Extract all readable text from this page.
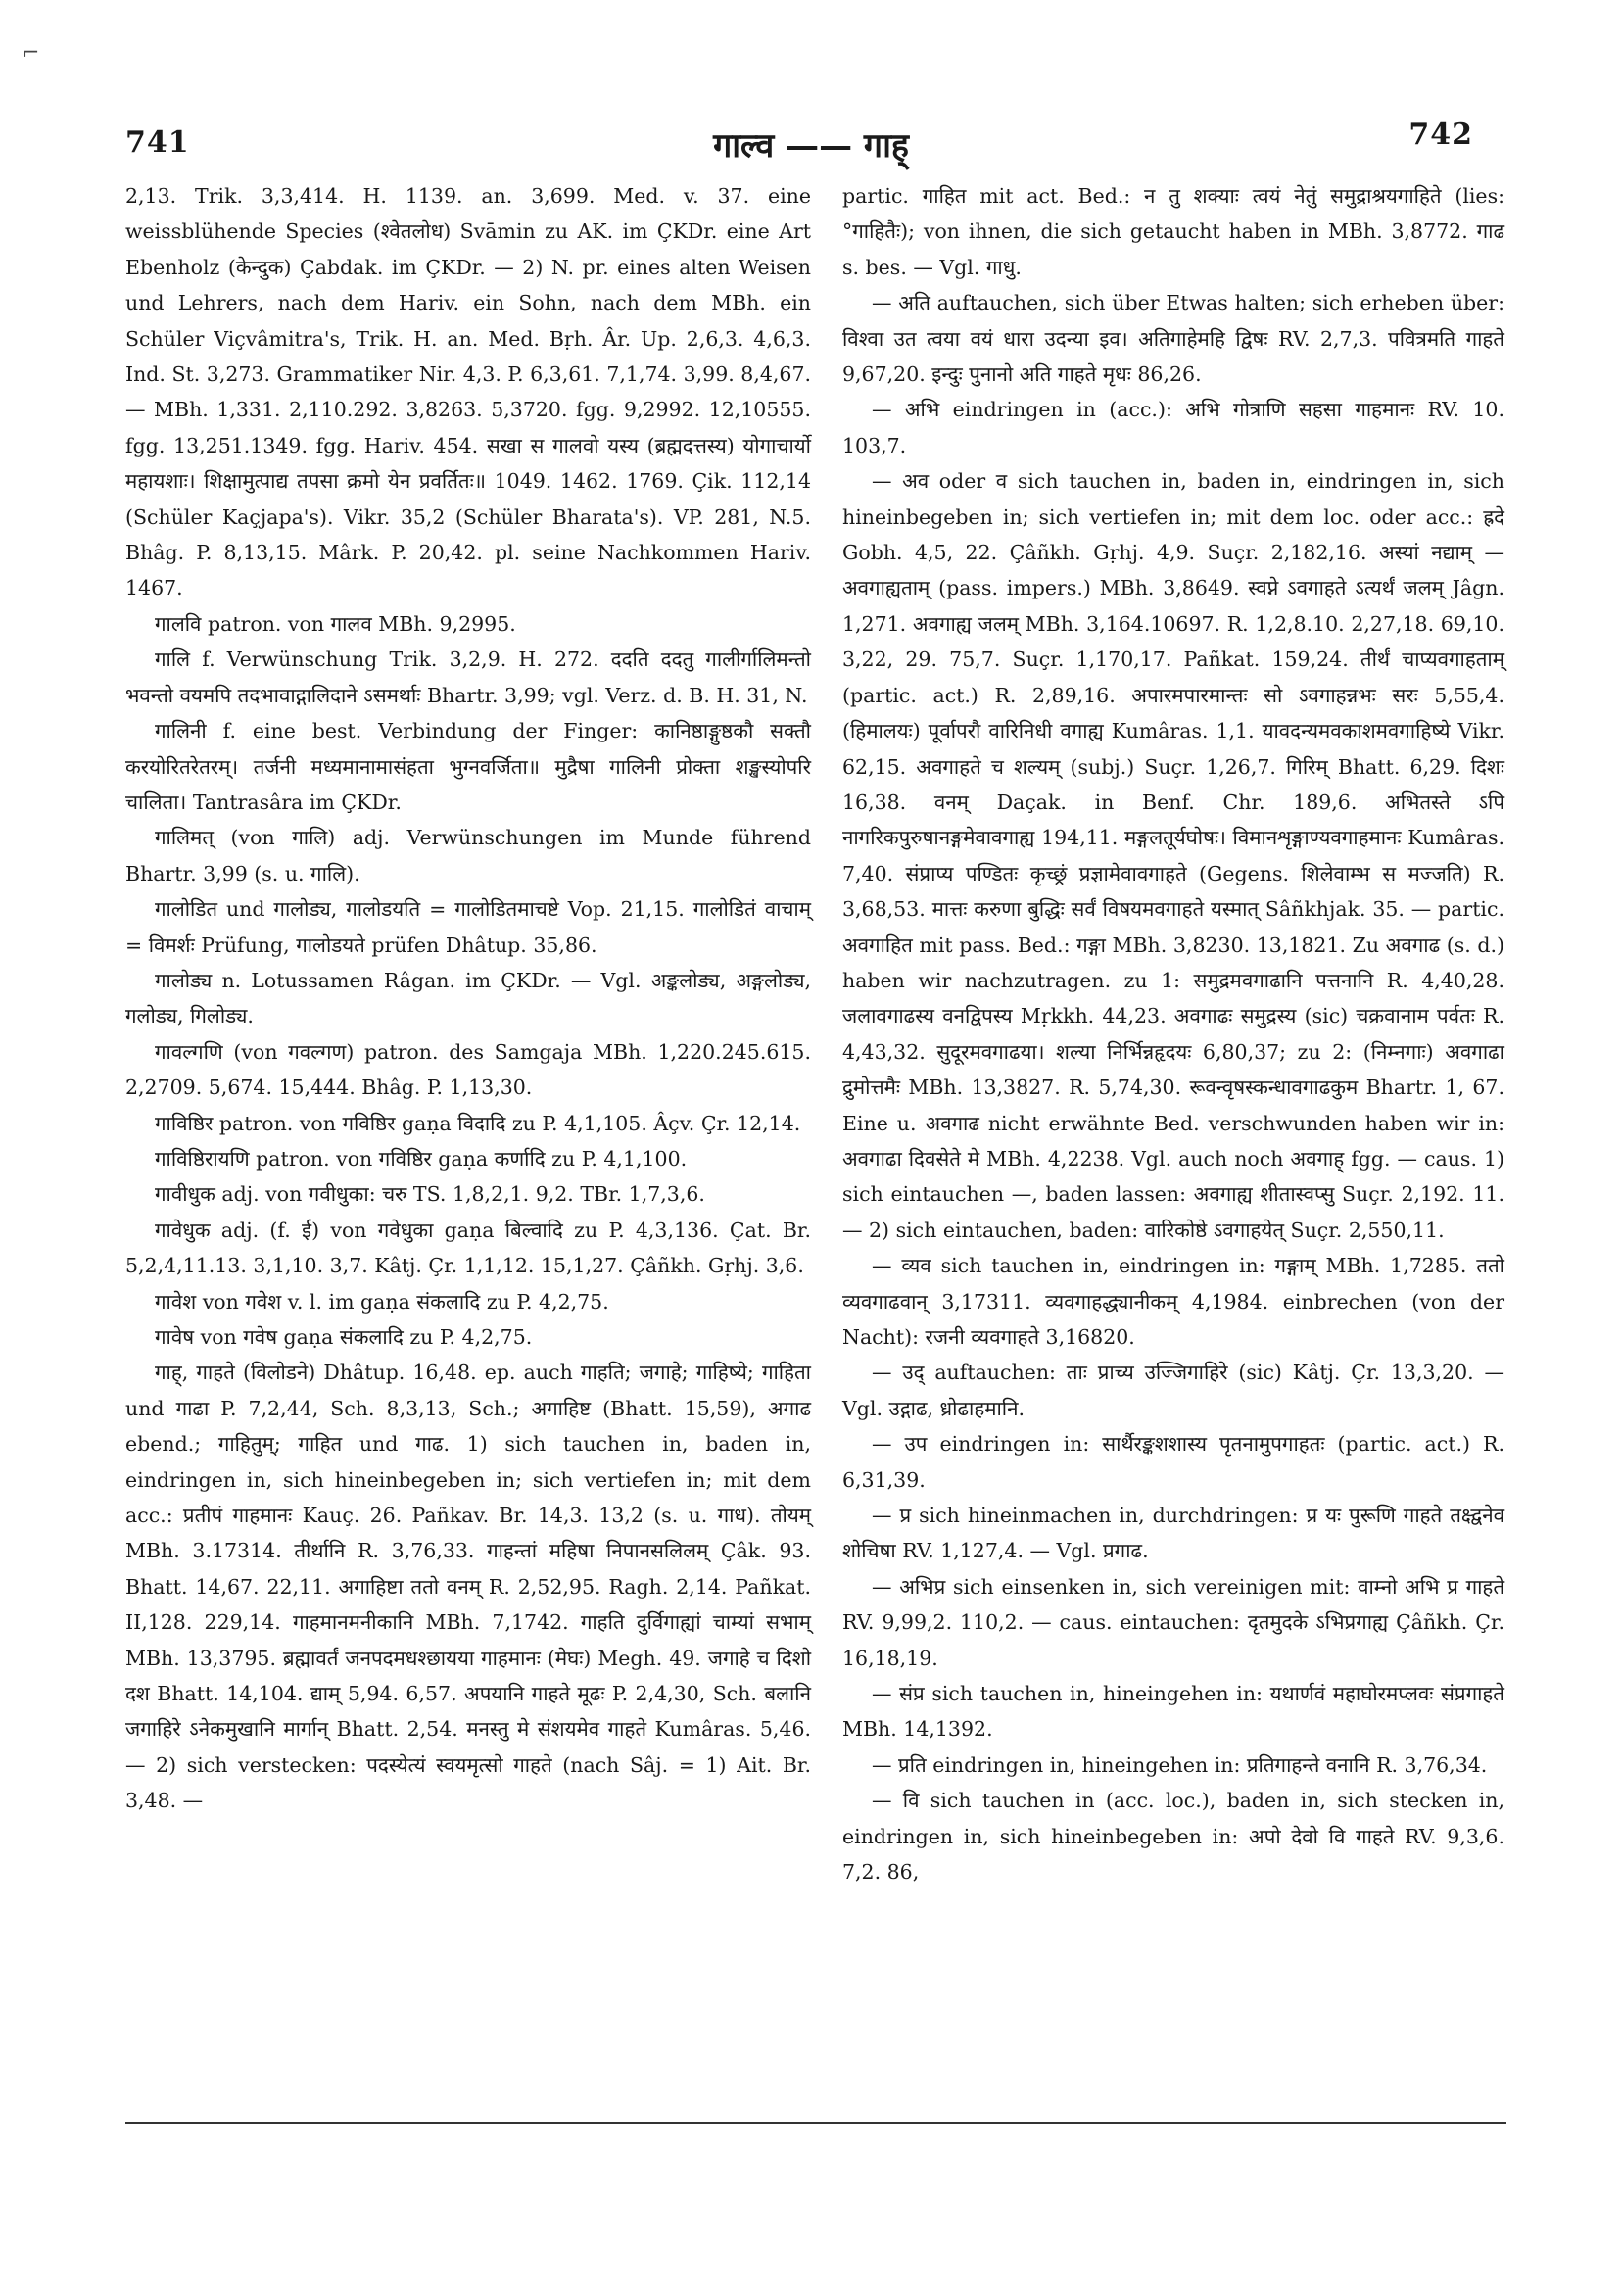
⌐
741	गाल्व —— गाह्	742

2,13. Trik. 3,3,414. H. 1139. an. 3,699. Med. v. 37. eine weissblühende Species (श्वेतलोध) Svāmin zu AK. im ÇKDr. eine Art Ebenholz (केन्दुक) Çabdak. im ÇKDr. — 2) N. pr. eines alten Weisen und Lehrers, nach dem Hariv. ein Sohn, nach dem MBh. ein Schüler Viçvâmitra's, Trik. H. an. Med. Bṛh. Âr. Up. 2,6,3. 4,6,3. Ind. St. 3,273. Grammatiker Nir. 4,3. P. 6,3,61. 7,1,74. 3,99. 8,4,67. — MBh. 1,331. 2,110.292. 3,8263. 5,3720. fgg. 9,2992. 12,10555. fgg. 13,251.1349. fgg. Hariv. 454. सखा स गालवो यस्य (ब्रह्मदत्तस्य) योगाचार्यो महायशाः। शिक्षामुत्पाद्य तपसा क्रमो येन प्रवर्तितः॥ 1049. 1462. 1769. Çik. 112,14 (Schüler Kaçjapa's). Vikr. 35,2 (Schüler Bharata's). VP. 281, N.5. Bhâg. P. 8,13,15. Mârk. P. 20,42. pl. seine Nachkommen Hariv. 1467.

गालवि patron. von गालव MBh. 9,2995.

गालि f. Verwünschung Trik. 3,2,9. H. 272. ददति ददतु गालीर्गालिमन्तो भवन्तो वयमपि तदभावाद्गालिदाने ऽसमर्थाः Bhartr. 3,99; vgl. Verz. d. B. H. 31, N.

गालिनी f. eine best. Verbindung der Finger: कानिष्ठाङ्गुष्ठकौ सक्तौ करयोरितरेतरम्। तर्जनी मध्यमानामासंहता भुग्नवर्जिता॥ मुद्रैषा गालिनी प्रोक्ता शङ्खस्योपरि चालिता। Tantrasâra im ÇKDr.

गालिमत् (von गालि) adj. Verwünschungen im Munde führend Bhartr. 3,99 (s. u. गालि).

गालोडित und गालोड्य, गालोडयति = गालोडितमाचष्टे Vop. 21,15. गालोडितं वाचाम् = विमर्शः Prüfung, गालोडयते prüfen Dhâtup. 35,86.

गालोड्य n. Lotussamen Râgan. im ÇKDr. — Vgl. अङ्कलोड्य, अङ्गलोड्य, गलोड्य, गिलोड्य.

गावल्गणि (von गवल्गण) patron. des Samgaja MBh. 1,220.245.615. 2,2709. 5,674. 15,444. Bhâg. P. 1,13,30.

गाविष्ठिर patron. von गविष्ठिर gaṇa विदादि zu P. 4,1,105. Âçv. Çr. 12,14.

गाविष्ठिरायणि patron. von गविष्ठिर gaṇa कर्णादि zu P. 4,1,100.

गावीधुक adj. von गवीधुका: चरु TS. 1,8,2,1. 9,2. TBr. 1,7,3,6.

गावेधुक adj. (f. ई) von गवेधुका gaṇa बिल्वादि zu P. 4,3,136. Çat. Br. 5,2,4,11.13. 3,1,10. 3,7. Kâtj. Çr. 1,1,12. 15,1,27. Çâñkh. Gṛhj. 3,6.

गावेश von गवेश v. l. im gaṇa संकलादि zu P. 4,2,75.

गावेष von गवेष gaṇa संकलादि zu P. 4,2,75.

गाह्, गाहते (विलोडने) Dhâtup. 16,48. ep. auch गाहति; जगाहे; गाहिष्ये; गाहिता und गाढा P. 7,2,44, Sch. 8,3,13, Sch.; अगाहिष्ट (Bhatt. 15,59), अगाढ ebend.; गाहितुम्; गाहित und गाढ. 1) sich tauchen in, baden in, eindringen in, sich hineinbegeben in; sich vertiefen in; mit dem acc.: प्रतीपं गाहमानः Kauç. 26. Pañkav. Br. 14,3. 13,2 (s. u. गाध). तोयम् MBh. 3.17314. तीर्थानि R. 3,76,33. गाहन्तां महिषा निपानसलिलम् Çâk. 93. Bhatt. 14,67. 22,11. अगाहिष्टा ततो वनम् R. 2,52,95. Ragh. 2,14. Pañkat. II,128. 229,14. गाहमानमनीकानि MBh. 7,1742. गाहति दुर्विगाह्यां चाम्यां सभाम् MBh. 13,3795. ब्रह्मावर्तं जनपदमधश्छायया गाहमानः (मेघः) Megh. 49. जगाहे च दिशो दश Bhatt. 14,104. द्याम् 5,94. 6,57. अपयानि गाहते मूढः P. 2,4,30, Sch. बलानि जगाहिरे ऽनेकमुखानि मार्गान् Bhatt. 2,54. मनस्तु मे संशयमेव गाहते Kumâras. 5,46. — 2) sich verstecken: पदस्येत्यं स्वयमृत्सो गाहते (nach Sâj. = 1) Ait. Br. 3,48. —

partic. गाहित mit act. Bed.: न तु शक्याः त्वयं नेतुं समुद्राश्रयगाहिते (lies: °गाहितैः); von ihnen, die sich getaucht haben in MBh. 3,8772. गाढ s. bes. — Vgl. गाधु.

— अति auftauchen, sich über Etwas halten; sich erheben über: विश्वा उत त्वया वयं धारा उदन्या इव। अतिगाहेमहि द्विषः RV. 2,7,3. पवित्रमति गाहते 9,67,20. इन्दुः पुनानो अति गाहते मृधः 86,26.

— अभि eindringen in (acc.): अभि गोत्राणि सहसा गाहमानः RV. 10. 103,7.

— अव oder व sich tauchen in, baden in, eindringen in, sich hineinbegeben in; sich vertiefen in; mit dem loc. oder acc.: ह्रदे Gobh. 4,5, 22. Çâñkh. Gṛhj. 4,9. Suçr. 2,182,16. अस्यां नद्याम् — अवगाह्यताम् (pass. impers.) MBh. 3,8649. स्वप्ने ऽवगाहते ऽत्यर्थं जलम् Jâgn. 1,271. अवगाह्य जलम् MBh. 3,164.10697. R. 1,2,8.10. 2,27,18. 69,10. 3,22, 29. 75,7. Suçr. 1,170,17. Pañkat. 159,24. तीर्थं चाप्यवगाहताम् (partic. act.) R. 2,89,16. अपारमपारमान्तः सो ऽवगाहन्नभः सरः 5,55,4. (हिमालयः) पूर्वापरौ वारिनिधी वगाह्य Kumâras. 1,1. यावदन्यमवकाशमवगाहिष्ये Vikr. 62,15. अवगाहते च शल्यम् (subj.) Suçr. 1,26,7. गिरिम् Bhatt. 6,29. दिशः 16,38. वनम् Daçak. in Benf. Chr. 189,6. अभितस्ते ऽपि नागरिकपुरुषानङ्गमेवावगाह्य 194,11. मङ्गलतूर्यघोषः। विमानशृङ्गाण्यवगाहमानः Kumâras. 7,40. संप्राप्य पण्डितः कृच्छ्रं प्रज्ञामेवावगाहते (Gegens. शिलेवाम्भ स मज्जति) R. 3,68,53. मात्तः करुणा बुद्धिः सर्वं विषयमवगाहते यस्मात् Sâñkhjak. 35. — partic. अवगाहित mit pass. Bed.: गङ्गा MBh. 3,8230. 13,1821. Zu अवगाढ (s. d.) haben wir nachzutragen. zu 1: समुद्रमवगाढानि पत्तनानि R. 4,40,28. जलावगाढस्य वनद्विपस्य Mṛkkh. 44,23. अवगाढः समुद्रस्य (sic) चक्रवानाम पर्वतः R. 4,43,32. सुदूरमवगाढया। शल्या निर्भिन्नहृदयः 6,80,37; zu 2: (निम्नगाः) अवगाढा द्रुमोत्तमैः MBh. 13,3827. R. 5,74,30. रूवन्वृषस्कन्धावगाढकुम Bhartr. 1, 67. Eine u. अवगाढ nicht erwähnte Bed. verschwunden haben wir in: अवगाढा दिवसेते मे MBh. 4,2238. Vgl. auch noch अवगाह् fgg. — caus. 1) sich eintauchen —, baden lassen: अवगाह्य शीतास्वप्सु Suçr. 2,192. 11. — 2) sich eintauchen, baden: वारिकोष्ठे ऽवगाहयेत् Suçr. 2,550,11.

— व्यव sich tauchen in, eindringen in: गङ्गाम् MBh. 1,7285. ततो व्यवगाढवान् 3,17311. व्यवगाहद्ध्यानीकम् 4,1984. einbrechen (von der Nacht): रजनी व्यवगाहते 3,16820.

— उद् auftauchen: ताः प्राच्य उज्जिगाहिरे (sic) Kâtj. Çr. 13,3,20. — Vgl. उद्गाढ, ध्रोढाहमानि.

— उप eindringen in: सार्थैरङ्कशशास्य पृतनामुपगाहतः (partic. act.) R. 6,31,39.

— प्र sich hineinmachen in, durchdringen: प्र यः पुरूणि गाहते तक्ष्द्वनेव शोचिषा RV. 1,127,4. — Vgl. प्रगाढ.

— अभिप्र sich einsenken in, sich vereinigen mit: वाम्नो अभि प्र गाहते RV. 9,99,2. 110,2. — caus. eintauchen: दृतमुदके ऽभिप्रगाह्य Çâñkh. Çr. 16,18,19.

— संप्र sich tauchen in, hineingehen in: यथार्णवं महाघोरमप्लवः संप्रगाहते MBh. 14,1392.

— प्रति eindringen in, hineingehen in: प्रतिगाहन्ते वनानि R. 3,76,34.

— वि sich tauchen in (acc. loc.), baden in, sich stecken in, eindringen in, sich hineinbegeben in: अपो देवो वि गाहते RV. 9,3,6. 7,2. 86,
